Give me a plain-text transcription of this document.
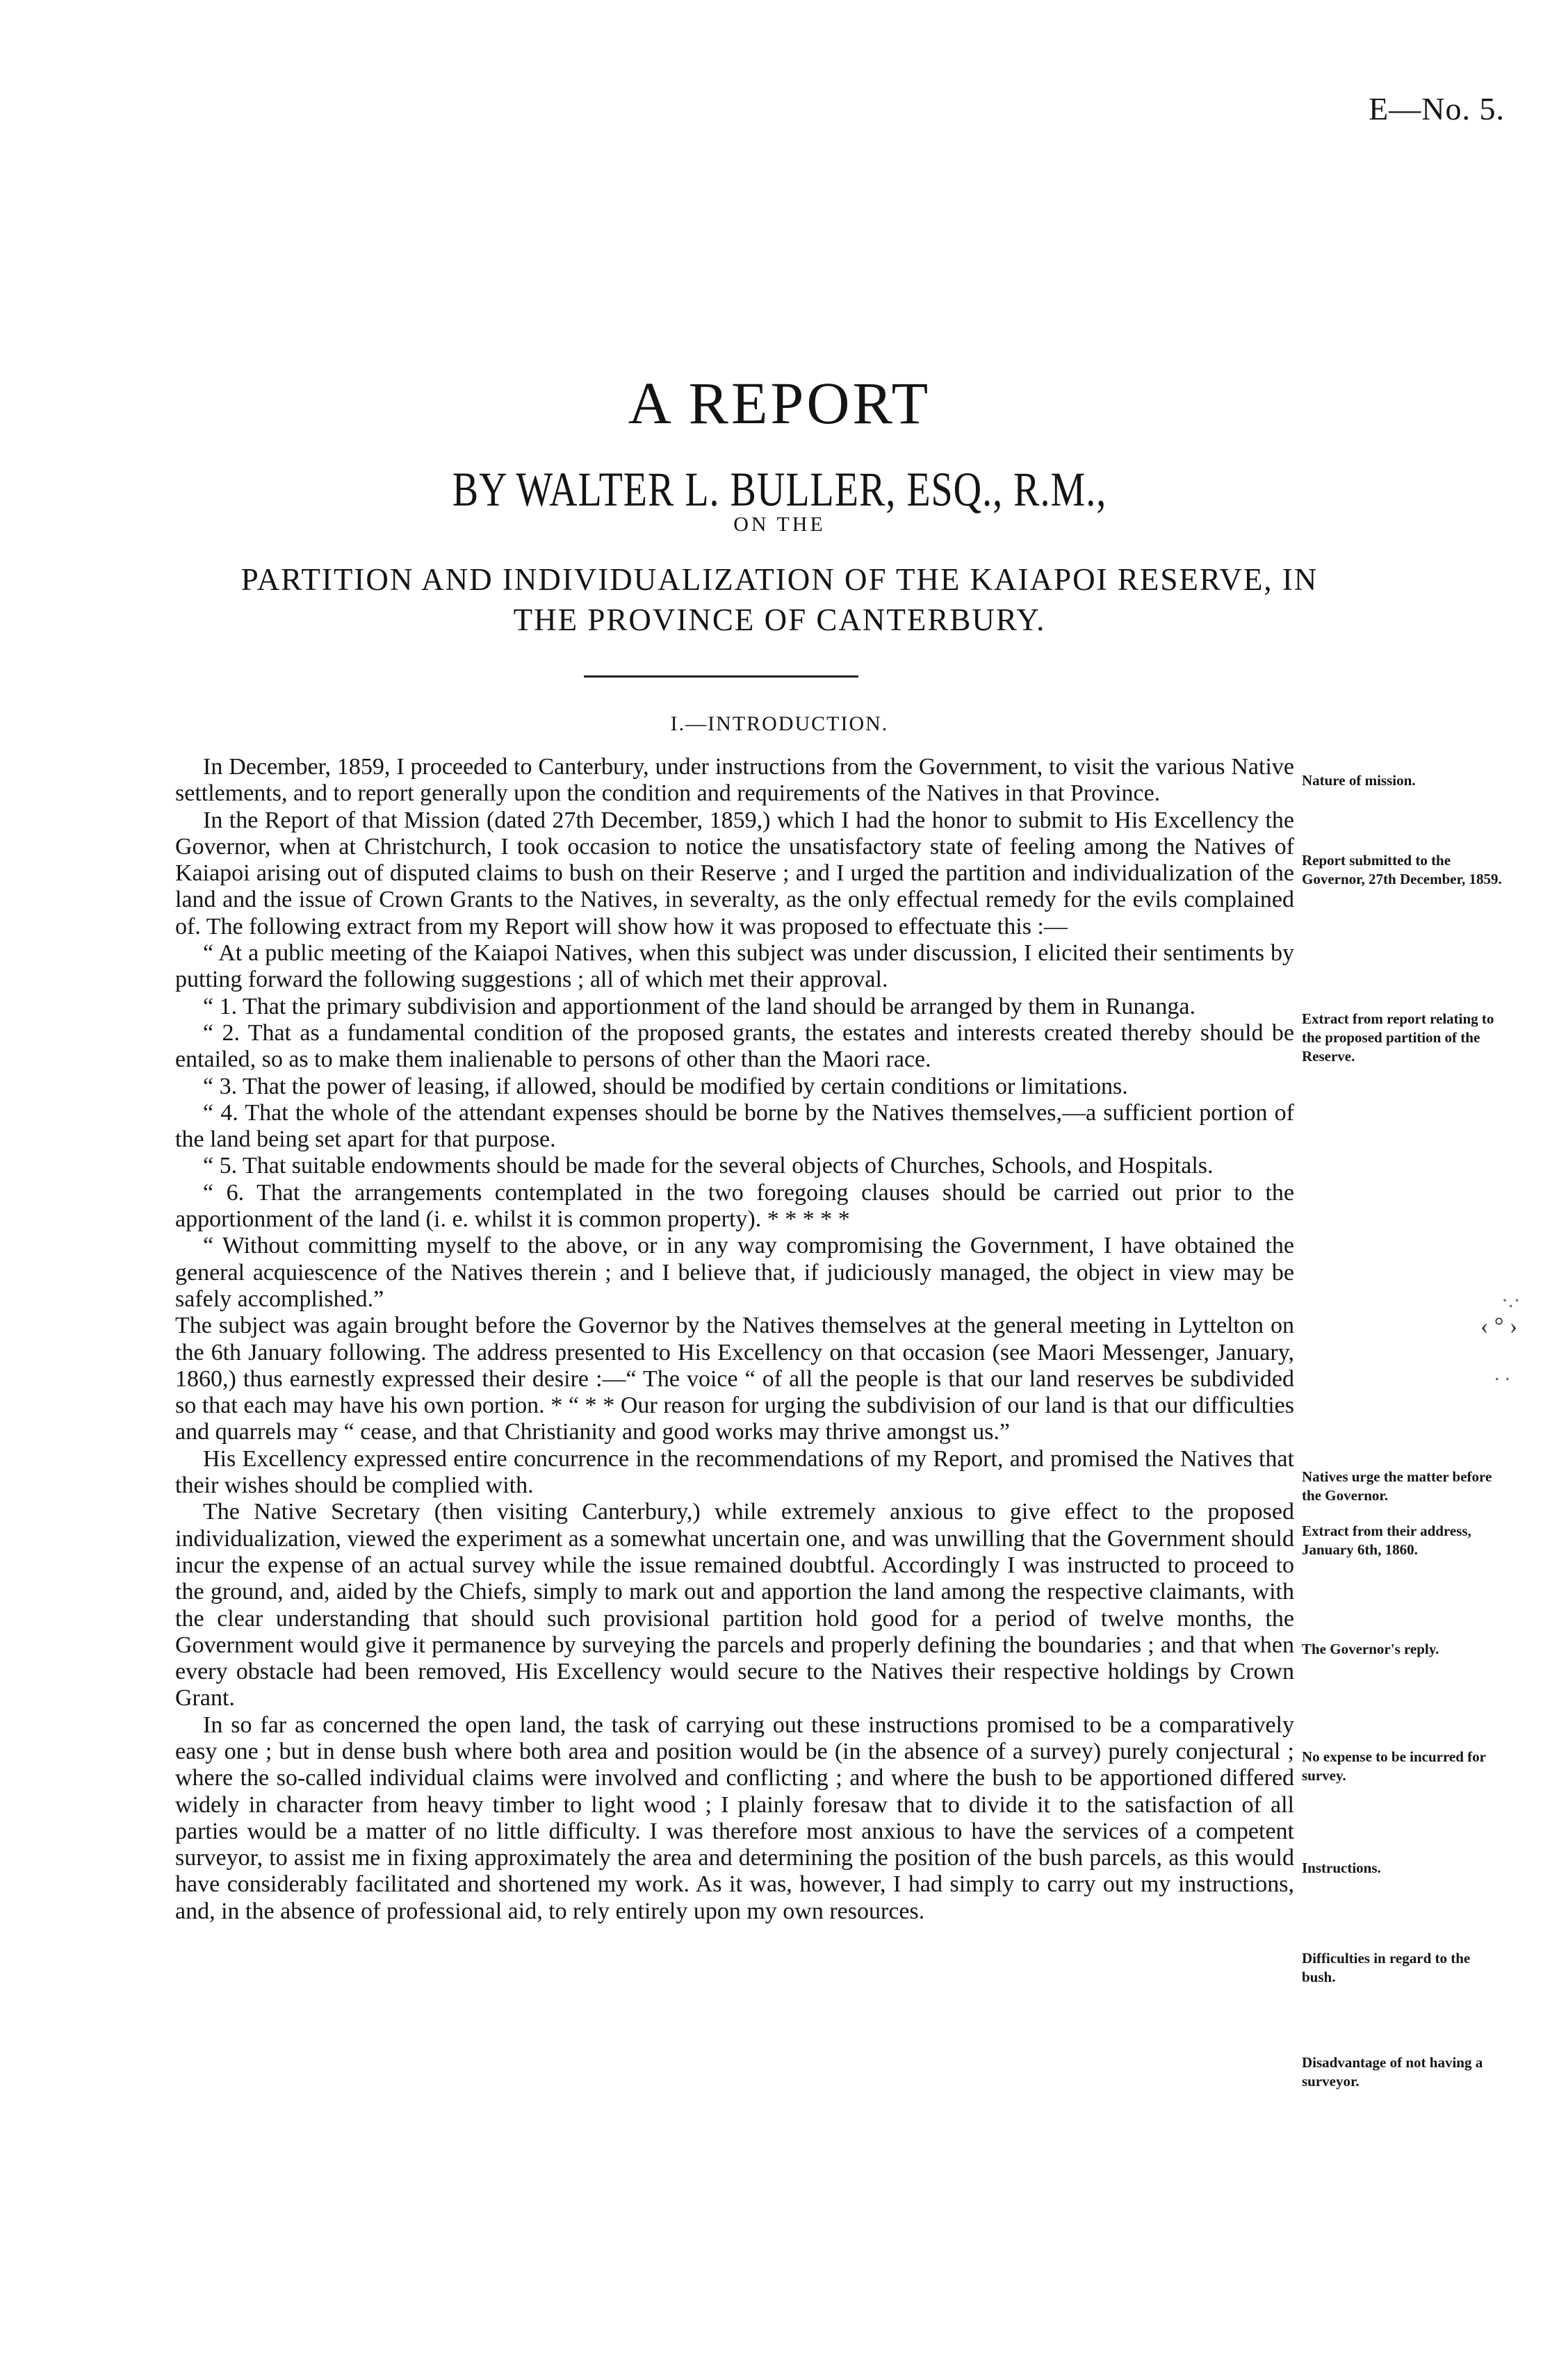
E—No. 5.
A REPORT
BY WALTER L. BULLER, ESQ., R.M.,
ON THE
PARTITION AND INDIVIDUALIZATION OF THE KAIAPOI RESERVE, IN THE PROVINCE OF CANTERBURY.
I.—INTRODUCTION.

In December, 1859, I proceeded to Canterbury, under instructions from the Government, to visit the various Native settlements, and to report generally upon the condition and requirements of the Natives in that Province.

In the Report of that Mission (dated 27th December, 1859,) which I had the honor to submit to His Excellency the Governor, when at Christchurch, I took occasion to notice the unsatisfactory state of feeling among the Natives of Kaiapoi arising out of disputed claims to bush on their Reserve ; and I urged the partition and individualization of the land and the issue of Crown Grants to the Natives, in severalty, as the only effectual remedy for the evils complained of. The following extract from my Report will show how it was proposed to effectuate this :—

“ At a public meeting of the Kaiapoi Natives, when this subject was under discussion, I elicited their sentiments by putting forward the following suggestions ; all of which met their approval.

“ 1. That the primary subdivision and apportionment of the land should be arranged by them in Runanga.

“ 2. That as a fundamental condition of the proposed grants, the estates and interests created thereby should be entailed, so as to make them inalienable to persons of other than the Maori race.

“ 3. That the power of leasing, if allowed, should be modified by certain conditions or limitations.

“ 4. That the whole of the attendant expenses should be borne by the Natives themselves,—a sufficient portion of the land being set apart for that purpose.

“ 5. That suitable endowments should be made for the several objects of Churches, Schools, and Hospitals.

“ 6. That the arrangements contemplated in the two foregoing clauses should be carried out prior to the apportionment of the land (i. e. whilst it is common property). * * * * *

“ Without committing myself to the above, or in any way compromising the Government, I have obtained the general acquiescence of the Natives therein ; and I believe that, if judiciously managed, the object in view may be safely accomplished.”

The subject was again brought before the Governor by the Natives themselves at the general meeting in Lyttelton on the 6th January following. The address presented to His Excellency on that occasion (see Maori Messenger, January, 1860,) thus earnestly expressed their desire :—“ The voice “ of all the people is that our land reserves be subdivided so that each may have his own portion. * “ * * Our reason for urging the subdivision of our land is that our difficulties and quarrels may “ cease, and that Christianity and good works may thrive amongst us.”

His Excellency expressed entire concurrence in the recommendations of my Report, and promised the Natives that their wishes should be complied with.

The Native Secretary (then visiting Canterbury,) while extremely anxious to give effect to the proposed individualization, viewed the experiment as a somewhat uncertain one, and was unwilling that the Government should incur the expense of an actual survey while the issue remained doubtful. Accordingly I was instructed to proceed to the ground, and, aided by the Chiefs, simply to mark out and apportion the land among the respective claimants, with the clear understanding that should such provisional partition hold good for a period of twelve months, the Government would give it permanence by surveying the parcels and properly defining the boundaries ; and that when every obstacle had been removed, His Excellency would secure to the Natives their respective holdings by Crown Grant.

In so far as concerned the open land, the task of carrying out these instructions promised to be a comparatively easy one ; but in dense bush where both area and position would be (in the absence of a survey) purely conjectural ; where the so-called individual claims were involved and conflicting ; and where the bush to be apportioned differed widely in character from heavy timber to light wood ; I plainly foresaw that to divide it to the satisfaction of all parties would be a matter of no little difficulty. I was therefore most anxious to have the services of a competent surveyor, to assist me in fixing approximately the area and determining the position of the bush parcels, as this would have considerably facilitated and shortened my work. As it was, however, I had simply to carry out my instructions, and, in the absence of professional aid, to rely entirely upon my own resources.

Nature of mission.
Report submitted to the Governor, 27th December, 1859.
Extract from report relating to the proposed partition of the Reserve.
Natives urge the matter before the Governor.
Extract from their address, January 6th, 1860.
The Governor's reply.
No expense to be incurred for survey.
Instructions.
Difficulties in regard to the bush.
Disadvantage of not having a surveyor.
·.·
‹ ° ›
. .
